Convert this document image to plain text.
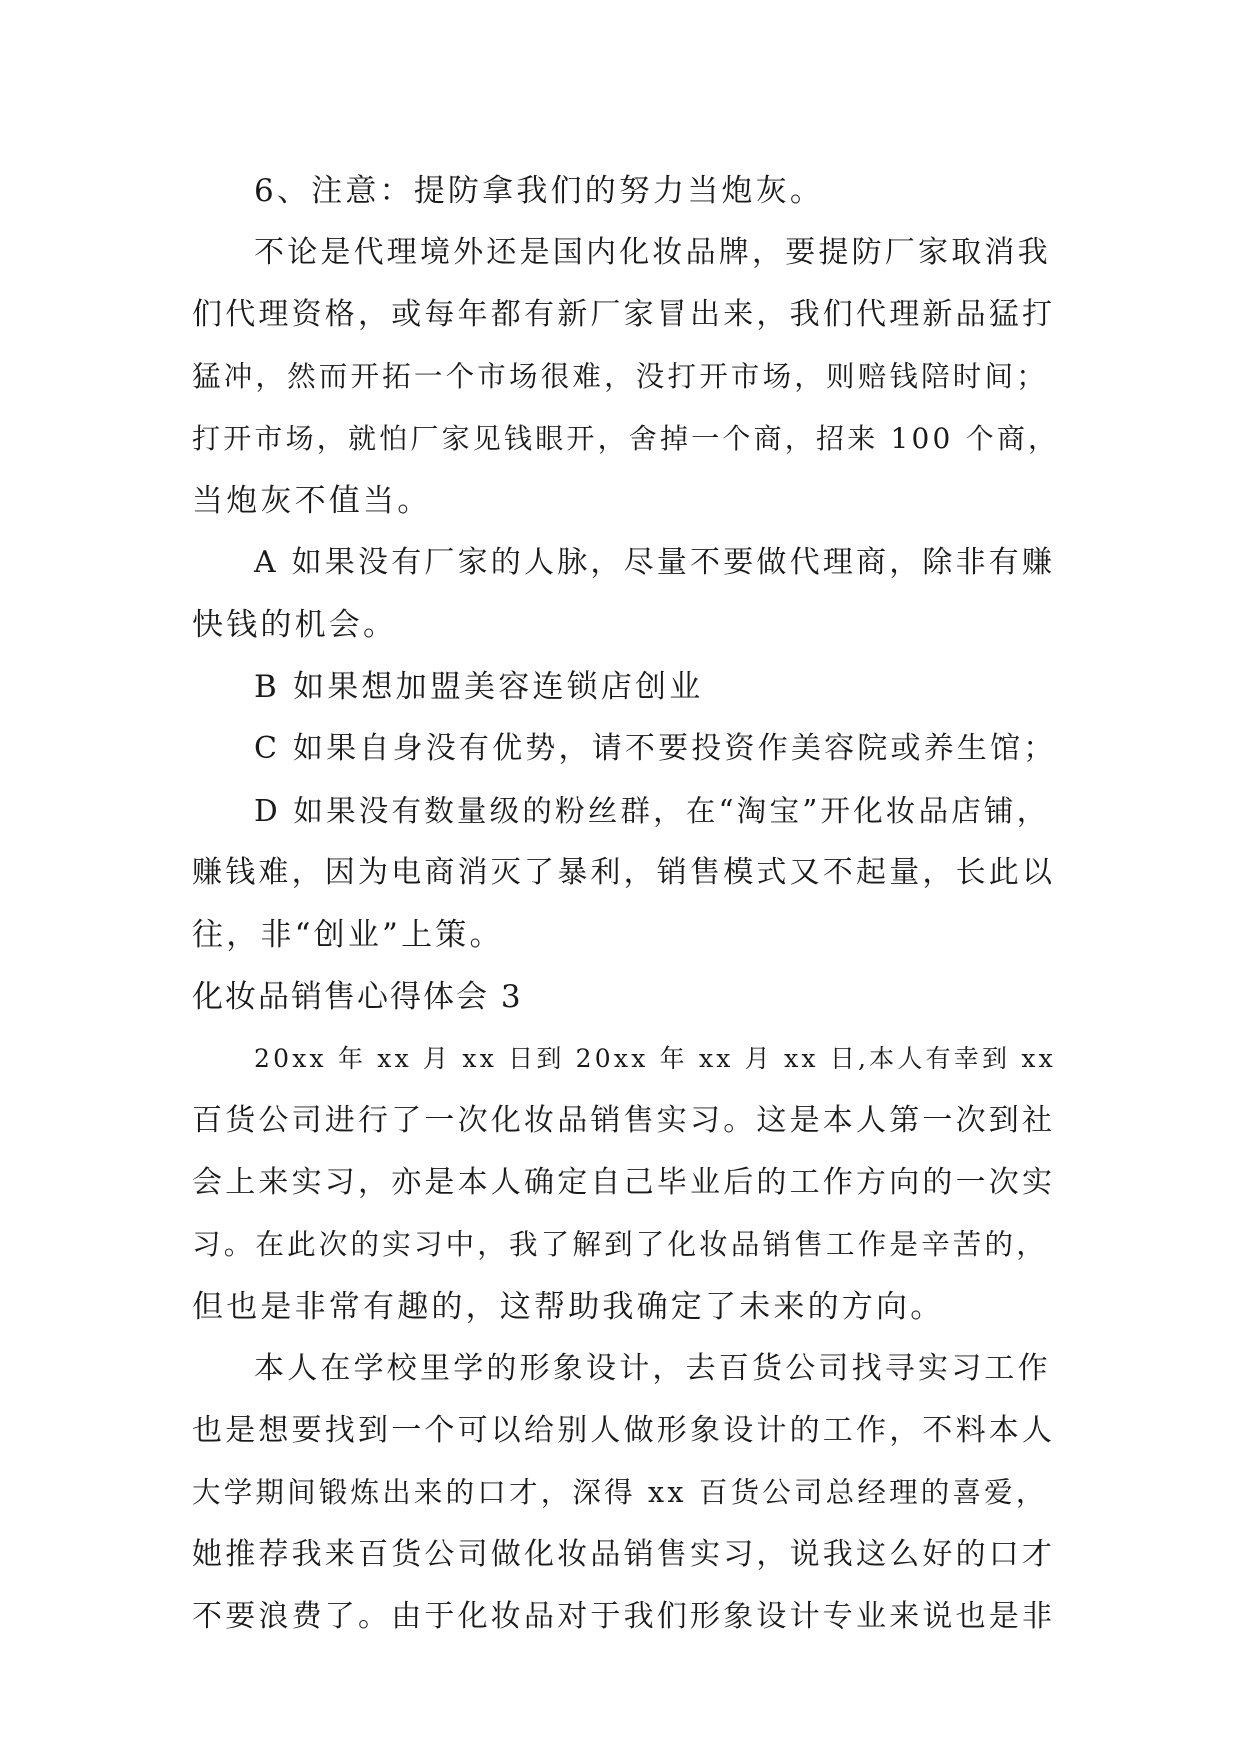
6、注意：提防拿我们的努力当炮灰。
不论是代理境外还是国内化妆品牌，要提防厂家取消我
们代理资格，或每年都有新厂家冒出来，我们代理新品猛打
猛冲，然而开拓一个市场很难，没打开市场，则赔钱陪时间；
打开市场，就怕厂家见钱眼开，舍掉一个商，招来 100 个商，
当炮灰不值当。
A 如果没有厂家的人脉，尽量不要做代理商，除非有赚
快钱的机会。
B 如果想加盟美容连锁店创业
C 如果自身没有优势，请不要投资作美容院或养生馆；
D 如果没有数量级的粉丝群，在“淘宝”开化妆品店铺，
赚钱难，因为电商消灭了暴利，销售模式又不起量，长此以
往，非“创业”上策。
化妆品销售心得体会 3
20xx 年 xx 月 xx 日到 20xx 年 xx 月 xx 日,本人有幸到 xx
百货公司进行了一次化妆品销售实习。这是本人第一次到社
会上来实习，亦是本人确定自己毕业后的工作方向的一次实
习。在此次的实习中，我了解到了化妆品销售工作是辛苦的，
但也是非常有趣的，这帮助我确定了未来的方向。
本人在学校里学的形象设计，去百货公司找寻实习工作
也是想要找到一个可以给别人做形象设计的工作，不料本人
大学期间锻炼出来的口才，深得 xx 百货公司总经理的喜爱，
她推荐我来百货公司做化妆品销售实习，说我这么好的口才
不要浪费了。由于化妆品对于我们形象设计专业来说也是非
